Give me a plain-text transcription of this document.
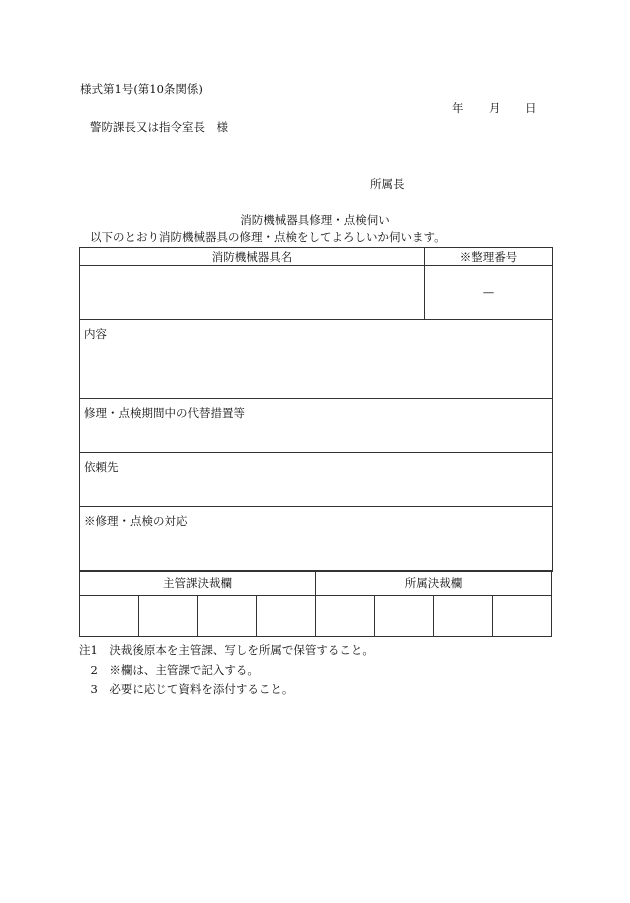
様式第1号(第10条関係)
年 月 日
警防課長又は指令室長　様
所属長
消防機械器具修理・点検伺い
以下のとおり消防機械器具の修理・点検をしてよろしいか伺います。
消防機械器具名	※整理番号
	—
内容	
修理・点検期間中の代替措置等	
依頼先	
※修理・点検の対応	
主管課決裁欄				所属決裁欄			

注1　決裁後原本を主管課、写しを所属で保管すること。
　2　※欄は、主管課で記入する。
　3　必要に応じて資料を添付すること。
